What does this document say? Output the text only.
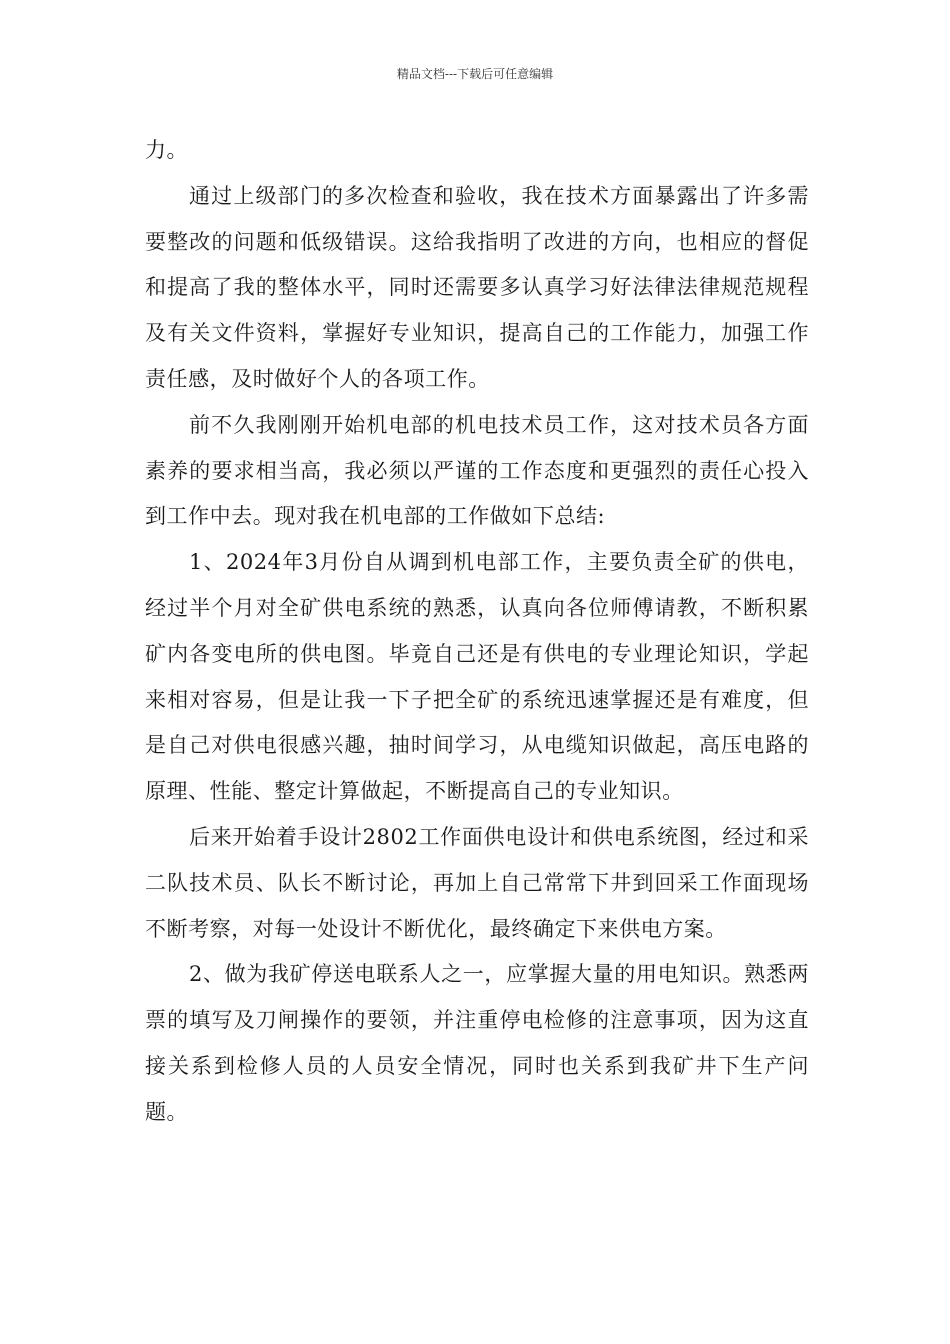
精品文档---下载后可任意编辑

力。

通过上级部门的多次检查和验收，我在技术方面暴露出了许多需要整改的问题和低级错误。这给我指明了改进的方向，也相应的督促和提高了我的整体水平，同时还需要多认真学习好法律法律规范规程及有关文件资料，掌握好专业知识，提高自己的工作能力，加强工作责任感，及时做好个人的各项工作。

前不久我刚刚开始机电部的机电技术员工作，这对技术员各方面素养的要求相当高，我必须以严谨的工作态度和更强烈的责任心投入到工作中去。现对我在机电部的工作做如下总结:

1、2024年3月份自从调到机电部工作，主要负责全矿的供电，经过半个月对全矿供电系统的熟悉，认真向各位师傅请教，不断积累矿内各变电所的供电图。毕竟自己还是有供电的专业理论知识，学起来相对容易，但是让我一下子把全矿的系统迅速掌握还是有难度，但是自己对供电很感兴趣，抽时间学习，从电缆知识做起，高压电路的原理、性能、整定计算做起，不断提高自己的专业知识。

后来开始着手设计2802工作面供电设计和供电系统图，经过和采二队技术员、队长不断讨论，再加上自己常常下井到回采工作面现场不断考察，对每一处设计不断优化，最终确定下来供电方案。

2、做为我矿停送电联系人之一，应掌握大量的用电知识。熟悉两票的填写及刀闸操作的要领，并注重停电检修的注意事项，因为这直接关系到检修人员的人员安全情况，同时也关系到我矿井下生产问题。
